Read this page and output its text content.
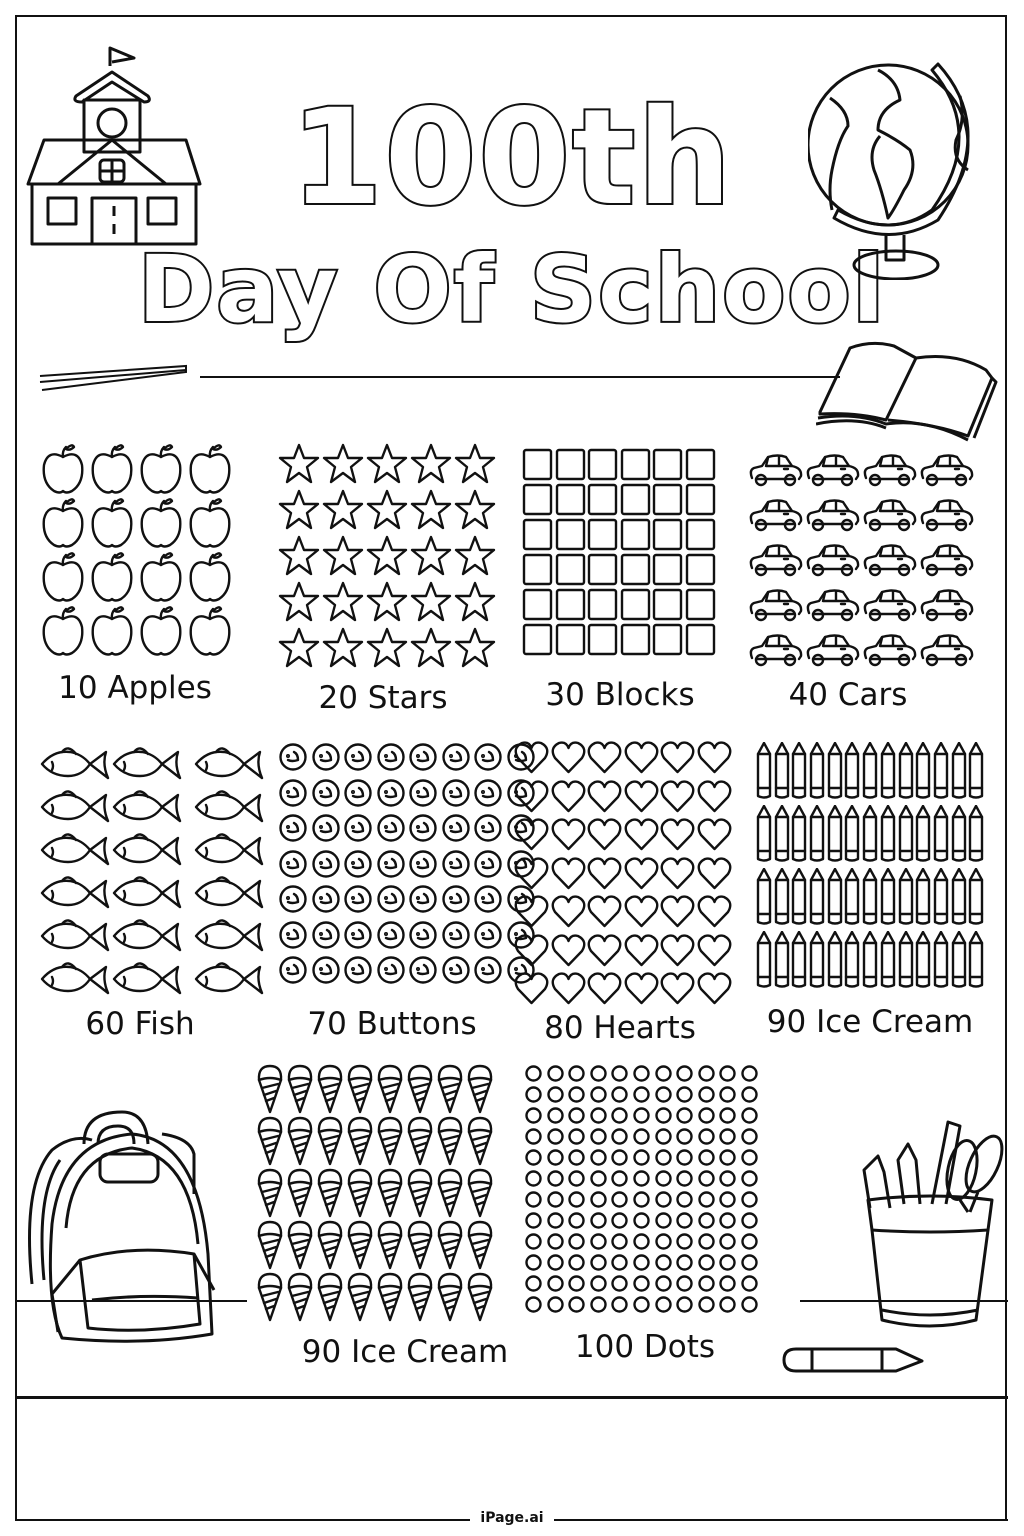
100th
Day Of School
10 Apples	20 Stars	30 Blocks	40 Cars
60 Fish	70 Buttons	80 Hearts	90 Ice Cream
90 Ice Cream	100 Dots
iPage.ai
